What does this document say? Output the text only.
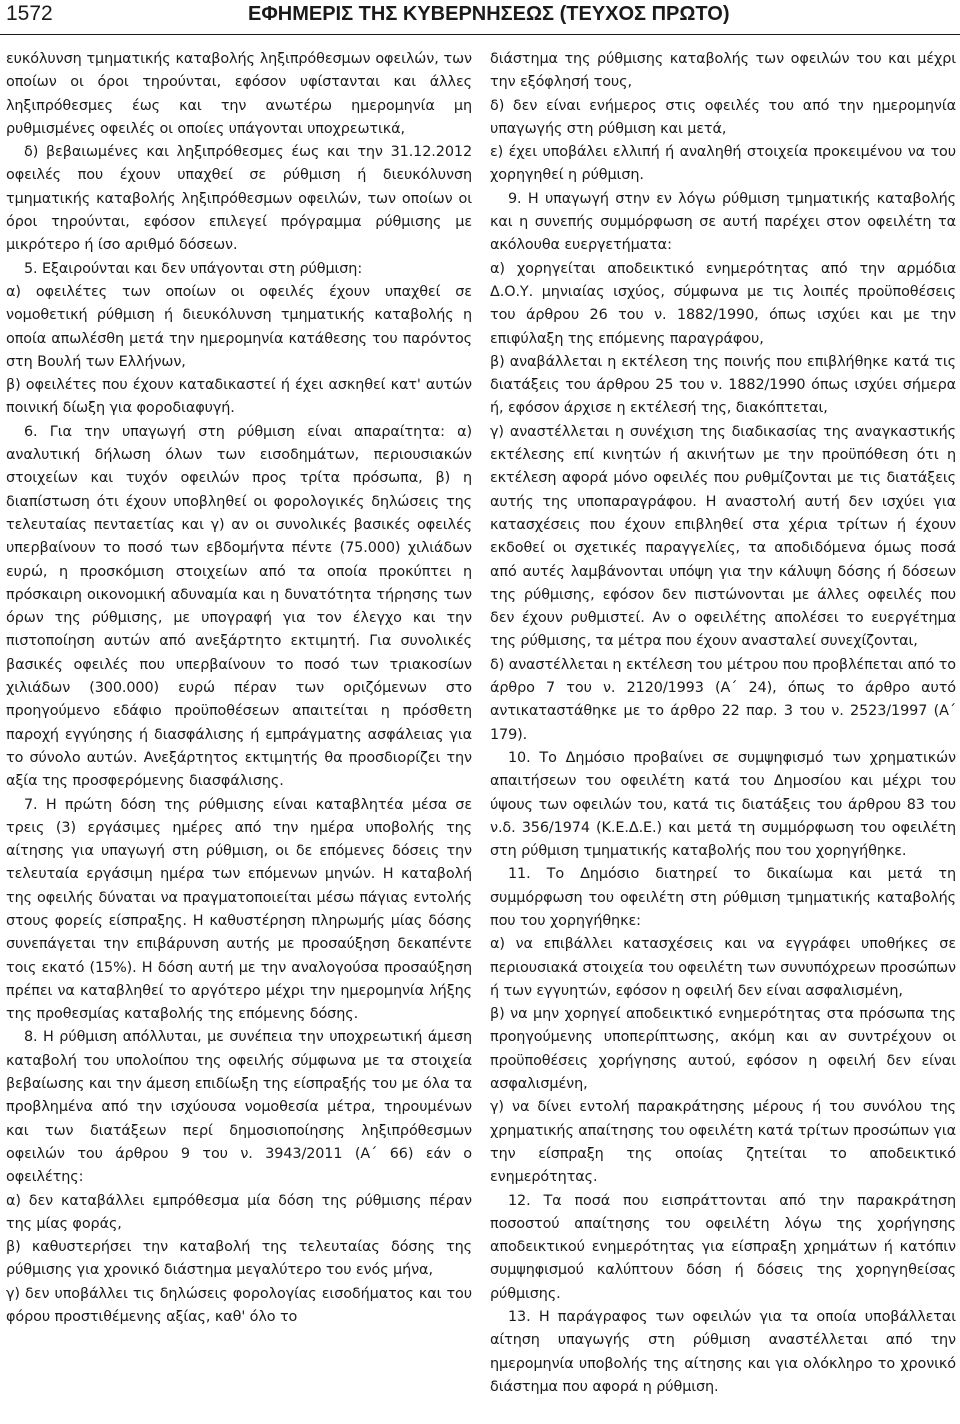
1572	ΕΦΗΜΕΡΙΣ ΤΗΣ ΚΥΒΕΡΝΗΣΕΩΣ (ΤΕΥΧΟΣ ΠΡΩΤΟ)

ευκόλυνση τμηματικής καταβολής ληξιπρόθεσμων οφειλών, των οποίων οι όροι τηρούνται, εφόσον υφίστανται και άλλες ληξιπρόθεσμες έως και την ανωτέρω ημερομηνία μη ρυθμισμένες οφειλές οι οποίες υπάγονται υποχρεωτικά,

δ) βεβαιωμένες και ληξιπρόθεσμες έως και την 31.12.2012 οφειλές που έχουν υπαχθεί σε ρύθμιση ή διευκόλυνση τμηματικής καταβολής ληξιπρόθεσμων οφειλών, των οποίων οι όροι τηρούνται, εφόσον επιλεγεί πρόγραμμα ρύθμισης με μικρότερο ή ίσο αριθμό δόσεων.

5. Εξαιρούνται και δεν υπάγονται στη ρύθμιση:

α) οφειλέτες των οποίων οι οφειλές έχουν υπαχθεί σε νομοθετική ρύθμιση ή διευκόλυνση τμηματικής καταβολής η οποία απωλέσθη μετά την ημερομηνία κατάθεσης του παρόντος στη Βουλή των Ελλήνων,

β) οφειλέτες που έχουν καταδικαστεί ή έχει ασκηθεί κατ' αυτών ποινική δίωξη για φοροδιαφυγή.

6. Για την υπαγωγή στη ρύθμιση είναι απαραίτητα: α) αναλυτική δήλωση όλων των εισοδημάτων, περιουσιακών στοιχείων και τυχόν οφειλών προς τρίτα πρόσωπα, β) η διαπίστωση ότι έχουν υποβληθεί οι φορολογικές δηλώσεις της τελευταίας πενταετίας και γ) αν οι συνολικές βασικές οφειλές υπερβαίνουν το ποσό των εβδομήντα πέντε (75.000) χιλιάδων ευρώ, η προσκόμιση στοιχείων από τα οποία προκύπτει η πρόσκαιρη οικονομική αδυναμία και η δυνατότητα τήρησης των όρων της ρύθμισης, με υπογραφή για τον έλεγχο και την πιστοποίηση αυτών από ανεξάρτητο εκτιμητή. Για συνολικές βασικές οφειλές που υπερβαίνουν το ποσό των τριακοσίων χιλιάδων (300.000) ευρώ πέραν των οριζόμενων στο προηγούμενο εδάφιο προϋποθέσεων απαιτείται η πρόσθετη παροχή εγγύησης ή διασφάλισης ή εμπράγματης ασφάλειας για το σύνολο αυτών. Ανεξάρτητος εκτιμητής θα προσδιορίζει την αξία της προσφερόμενης διασφάλισης.

7. Η πρώτη δόση της ρύθμισης είναι καταβλητέα μέσα σε τρεις (3) εργάσιμες ημέρες από την ημέρα υποβολής της αίτησης για υπαγωγή στη ρύθμιση, οι δε επόμενες δόσεις την τελευταία εργάσιμη ημέρα των επόμενων μηνών. Η καταβολή της οφειλής δύναται να πραγματοποιείται μέσω πάγιας εντολής στους φορείς είσπραξης. Η καθυστέρηση πληρωμής μίας δόσης συνεπάγεται την επιβάρυνση αυτής με προσαύξηση δεκαπέντε τοις εκατό (15%). Η δόση αυτή με την αναλογούσα προσαύξηση πρέπει να καταβληθεί το αργότερο μέχρι την ημερομηνία λήξης της προθεσμίας καταβολής της επόμενης δόσης.

8. Η ρύθμιση απόλλυται, με συνέπεια την υποχρεωτική άμεση καταβολή του υπολοίπου της οφειλής σύμφωνα με τα στοιχεία βεβαίωσης και την άμεση επιδίωξη της είσπραξής του με όλα τα προβλημένα από την ισχύουσα νομοθεσία μέτρα, τηρουμένων και των διατάξεων περί δημοσιοποίησης ληξιπρόθεσμων οφειλών του άρθρου 9 του ν. 3943/2011 (Α΄ 66) εάν ο οφειλέτης:

α) δεν καταβάλλει εμπρόθεσμα μία δόση της ρύθμισης πέραν της μίας φοράς,

β) καθυστερήσει την καταβολή της τελευταίας δόσης της ρύθμισης για χρονικό διάστημα μεγαλύτερο του ενός μήνα,

γ) δεν υποβάλλει τις δηλώσεις φορολογίας εισοδήματος και του φόρου προστιθέμενης αξίας, καθ' όλο το

διάστημα της ρύθμισης καταβολής των οφειλών του και μέχρι την εξόφλησή τους,

δ) δεν είναι ενήμερος στις οφειλές του από την ημερομηνία υπαγωγής στη ρύθμιση και μετά,

ε) έχει υποβάλει ελλιπή ή αναληθή στοιχεία προκειμένου να του χορηγηθεί η ρύθμιση.

9. Η υπαγωγή στην εν λόγω ρύθμιση τμηματικής καταβολής και η συνεπής συμμόρφωση σε αυτή παρέχει στον οφειλέτη τα ακόλουθα ευεργετήματα:

α) χορηγείται αποδεικτικό ενημερότητας από την αρμόδια Δ.Ο.Υ. μηνιαίας ισχύος, σύμφωνα με τις λοιπές προϋποθέσεις του άρθρου 26 του ν. 1882/1990, όπως ισχύει και με την επιφύλαξη της επόμενης παραγράφου,

β) αναβάλλεται η εκτέλεση της ποινής που επιβλήθηκε κατά τις διατάξεις του άρθρου 25 του ν. 1882/1990 όπως ισχύει σήμερα ή, εφόσον άρχισε η εκτέλεσή της, διακόπτεται,

γ) αναστέλλεται η συνέχιση της διαδικασίας της αναγκαστικής εκτέλεσης επί κινητών ή ακινήτων με την προϋπόθεση ότι η εκτέλεση αφορά μόνο οφειλές που ρυθμίζονται με τις διατάξεις αυτής της υποπαραγράφου. Η αναστολή αυτή δεν ισχύει για κατασχέσεις που έχουν επιβληθεί στα χέρια τρίτων ή έχουν εκδοθεί οι σχετικές παραγγελίες, τα αποδιδόμενα όμως ποσά από αυτές λαμβάνονται υπόψη για την κάλυψη δόσης ή δόσεων της ρύθμισης, εφόσον δεν πιστώνονται με άλλες οφειλές που δεν έχουν ρυθμιστεί. Αν ο οφειλέτης απολέσει το ευεργέτημα της ρύθμισης, τα μέτρα που έχουν ανασταλεί συνεχίζονται,

δ) αναστέλλεται η εκτέλεση του μέτρου που προβλέπεται από το άρθρο 7 του ν. 2120/1993 (Α΄ 24), όπως το άρθρο αυτό αντικαταστάθηκε με το άρθρο 22 παρ. 3 του ν. 2523/1997 (Α΄ 179).

10. Το Δημόσιο προβαίνει σε συμψηφισμό των χρηματικών απαιτήσεων του οφειλέτη κατά του Δημοσίου και μέχρι του ύψους των οφειλών του, κατά τις διατάξεις του άρθρου 83 του ν.δ. 356/1974 (Κ.Ε.Δ.Ε.) και μετά τη συμμόρφωση του οφειλέτη στη ρύθμιση τμηματικής καταβολής που του χορηγήθηκε.

11. Το Δημόσιο διατηρεί το δικαίωμα και μετά τη συμμόρφωση του οφειλέτη στη ρύθμιση τμηματικής καταβολής που του χορηγήθηκε:

α) να επιβάλλει κατασχέσεις και να εγγράφει υποθήκες σε περιουσιακά στοιχεία του οφειλέτη των συνυπόχρεων προσώπων ή των εγγυητών, εφόσον η οφειλή δεν είναι ασφαλισμένη,

β) να μην χορηγεί αποδεικτικό ενημερότητας στα πρόσωπα της προηγούμενης υποπερίπτωσης, ακόμη και αν συντρέχουν οι προϋποθέσεις χορήγησης αυτού, εφόσον η οφειλή δεν είναι ασφαλισμένη,

γ) να δίνει εντολή παρακράτησης μέρους ή του συνόλου της χρηματικής απαίτησης του οφειλέτη κατά τρίτων προσώπων για την είσπραξη της οποίας ζητείται το αποδεικτικό ενημερότητας.

12. Τα ποσά που εισπράττονται από την παρακράτηση ποσοστού απαίτησης του οφειλέτη λόγω της χορήγησης αποδεικτικού ενημερότητας για είσπραξη χρημάτων ή κατόπιν συμψηφισμού καλύπτουν δόση ή δόσεις της χορηγηθείσας ρύθμισης.

13. Η παράγραφος των οφειλών για τα οποία υποβάλλεται αίτηση υπαγωγής στη ρύθμιση αναστέλλεται από την ημερομηνία υποβολής της αίτησης και για ολόκληρο το χρονικό διάστημα που αφορά η ρύθμιση.
